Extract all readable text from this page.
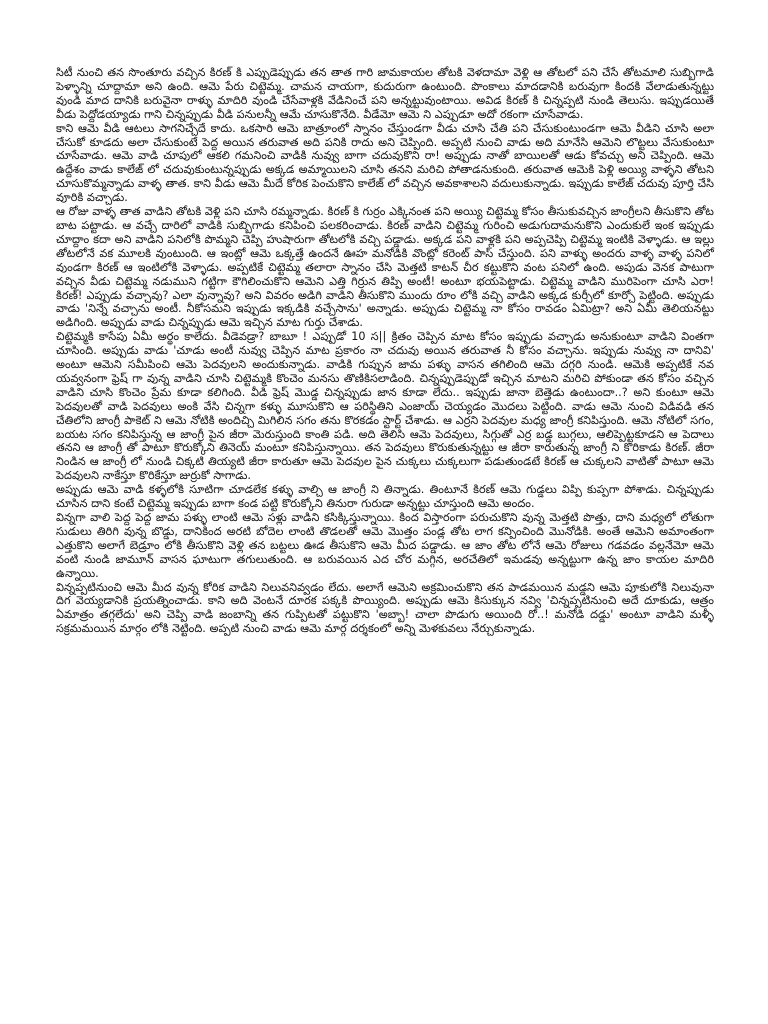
సిటీ నుంచి తన సొంతూరు వచ్చిన కిరణ్ కి ఎప్పుడెప్పుడు తన తాత గారి జామకాయల తోటకి వెళదామా వెళ్లి ఆ తోటలో పని చేసే తోటమాలి సుబ్బిగాడి పెళ్ళాన్ని చూద్దామా అని ఉంది. ఆమె పేరు చిట్టెమ్మ. చామన చాయగా, కుదురుగా ఉంటుంది. పొంకాలు మాదడానికి బరువుగా కిందకి వేలాడుతున్నట్టు వుండి మాద దానికి బరువైనా రాళ్ళు మాదిరి వుండి చేసేవాళ్లకి వేడినించే పని అన్నట్టువుంటాయి. అవిడ కిరణ్ కి చిన్నప్పటి నుండి తెలుసు. ఇప్పుడయితే వీడు పెద్దోడయ్యాడు గాని చిన్నప్పుడు వీడి పనులన్నీ ఆమే చూసుకొనేది. వీడేమో ఆమె ని ఎప్పుడూ అదో రకంగా చూసేవాడు.

కాని ఆమె వీడి ఆటలు సాగనిచ్చేదే కాదు. ఒకసారి ఆమె బాత్రూంలో స్నానం చేస్తుండగా వీడు చూసి చేతి పని చేసుకుంటుండగా ఆమె వీడిని చూసి అలా చేసుకో కూడదు అలా చేసుకుంటే పెద్ద అయిన తరువాత అది పనికి రాదు అని చెప్పింది. అప్పటి నుంచి వాడు అది మానేసి ఆమెని లొట్టలు వేసుకుంటూ చూసేవాడు. ఆమె వాడి చూపులో ఆకలి గమనించి వాడికి నువ్వు బాగా చదువుకొని రా! అప్పుడు నాతో బాయిలతో ఆడు కోవచ్చు అని చెప్పింది. ఆమె ఉద్దేశం వాడు కాలేజ్ లో చదువుకుంటున్నప్పుడు అక్కడ అమ్మాయిలని చూసి తనని మరిచి పోతాడనుకుంది. తరువాత ఆమెకి పెళ్లి అయ్యి వాళ్ళని తోటని చూసుకొమ్మన్నాడు వాళ్ళ తాత. కాని వీడు ఆమె మీదే కోరిక పెంచుకొని కాలేజ్ లో వచ్చిన అవకాశాలని వదులుకున్నాడు. ఇప్పుడు కాలేజ్ చదువు పూర్తి చేసి వూరికి వచ్చాడు.

ఆ రోజు వాళ్ళ తాత వాడిని తోటకి వెళ్లి పని చూసి రమ్మన్నాడు. కిరణ్ కి గుర్రం ఎక్కినంత పని అయ్యి చిట్టెమ్మ కోసం తీసుకువచ్చిన జాంగ్రీలని తీసుకొని తోట బాట పట్టాడు. ఆ వచ్చే దారిలో వాడికి సుబ్బిగాడు కనిపించి పలకరించాడు. కిరణ్ వాడిని చిట్టెమ్మ గురించి అడుగుదామనుకొని ఎందుకులే ఇంక ఇప్పుడు చూద్దాం కదా అని వాడిని పనిలోకి పొమ్మని చెప్పి హుషారుగా తోటలోకి వచ్చి పడ్డాడు. అక్కడ పని వాళ్లకి పని అప్పచెప్పి చిట్టెమ్మ ఇంటికి వెళ్ళాడు. ఆ ఇల్లు తోటలోనే వక మూలకి వుంటుంది. ఆ ఇంట్లో ఆమె ఒక్కత్తే ఉందనే ఊహ మనోడికి వొంట్లో కరెంట్ పాస్ చేస్తుంది. పని వాళ్ళు అందరు వాళ్ళ వాళ్ళ పనిలో వుండగా కిరణ్ ఆ ఇంటిలోకి వెళ్ళాడు. అప్పటికే చిట్టెమ్మ తలారా స్నానం చేసి మెత్తటి కాటన్ చీర కట్టుకొని వంట పనిలో ఉంది. అపుడు వెనక పాటుగా వచ్చిన వీడు చిట్టెమ్మ నడుముని గట్టిగా కౌగిలించుకొని ఆమెని ఎత్తి గిర్రున తిప్పి అంటీ! అంటూ భయపెట్టాడు. చిట్టెమ్మ వాడిని మురిపెంగా చూసి ఎరా! కిరణ్! ఎప్పుడు వచ్చావు? ఎలా వున్నావు? అని వివరం అడిగి వాడిని తీసుకొని ముందు రూం లోకి వచ్చి వాడిని అక్కడ కుర్చీలో కూర్చో పెట్టింది. అప్పుడు వాడు 'నిన్నే వచ్చాను అంటీ. నీకోసమని ఇప్పుడు ఇక్కడికి వచ్చేసాను' అన్నాడు. అప్పుడు చిట్టెమ్మ నా కోసం రావడం ఏమిట్రా? అని ఏమీ తెలియనట్టు అడిగింది. అప్పుడు వాడు చిన్నప్పుడు ఆమె ఇచ్చిన మాట గుర్తు చేశాడు.

చిట్టెమ్మకి కాసేపు ఏమీ అర్థం కాలేదు. వీడెవడ్రా? బాబూ ! ఎప్పుడో 10 స|| క్రితం చెప్పిన మాట కోసం ఇప్పుడు వచ్చాడు అనుకుంటూ వాడిని వింతగా చూసింది. అప్పుడు వాడు 'చూడు అంటీ నువ్వు చెప్పిన మాట ప్రకారం నా చదువు అయిన తరువాత నీ కోసం వచ్చాను. ఇప్పుడు నువ్వు నా దానివి' అంటూ ఆమెని సమీపించి ఆమె పెదవులని అందుకున్నాడు. వాడికి గుప్పున జామ పళ్ళు వాసన తగిలింది ఆమె దగ్గరి నుండి. ఆమెకి అప్పటికే నవ యవ్వనంగా ఫ్రెష్ గా వున్న వాడిని చూసి చిట్టెమ్మకి కొంచెం మనసు తొణికిసలాడింది. చిన్నప్పుడెప్పుడో ఇచ్చిన మాటని మరిచి పోకుండా తన కోసం వచ్చిన వాడిని చూసి కొంచెం ప్రేమ కూడా కలిగింది. వీడి ఫ్రెష్ మొడ్డ చిన్నప్పుడు జాన కూడా లేదు.. ఇప్పుడు జానా బెత్తెడు ఉంటుందా..? అని కుంటూ ఆమె పెదవులతో వాడి పెదవులు అంకి వేసి చిన్నగా కళ్ళు మూసుకొని ఆ పరిస్థితిని ఎంజాయ్ చెయ్యడం మొదలు పెట్టింది. వాడు ఆమె నుంచి విడివడి తన చేతిలోని జాంగ్రీ పాకెట్ ని ఆమె నోటికి అందిచ్చి మిగిలిన సగం తను కొరకడం స్టార్ట్ చేశాడు. ఆ ఎర్రని పెదవుల మధ్య జాంగ్రీ కనిపిస్తుంది. ఆమె నోటిలో సగం, బయట సగం కనిపిస్తున్న ఆ జాంగ్రీ పైన జీరా మెరుస్తుంది కాంతి పడి. అది తెలిసి ఆమె పెదవులు, సిగ్గుతో ఎర్ర బడ్డ బుగ్గలు, ఆలిప్పెట్టకూడని ఆ పెదాలు తనని ఆ జాంగ్రీ తో పాటూ కొరుక్కోని తినెయ్ మంటూ కనిపిస్తున్నాయి. తన పెదవులు కొరుకుతున్నట్టు ఆ జీరా కారుతున్న జాంగ్రీ ని కొరికాడు కిరణ్. జీరా నిండిన ఆ జాంగ్రీ లో నుండి చిక్కటి తియ్యటి జీరా కారుతూ ఆమె పెదవుల పైన చుక్కలు చుక్కలుగా పడుతుండటే కిరణ్ ఆ చుక్కలని వాటితో పాటూ ఆమె పెదవులని నాకేస్తూ కొరికేస్తూ జుర్రుకో సాగాడు.

అప్పుడు ఆమె వాడి కళ్ళలోకి సూటిగా చూడలేక కళ్ళు వాల్చి ఆ జాంగ్రీ ని తిన్నాడు. తింటూనే కిరణ్ ఆమె గుడ్డలు విప్పి కుప్పగా పోశాడు. చిన్నప్పుడు చూసిన దాని కంటే చిట్టెమ్మ ఇప్పుడు బాగా కండ పట్టి కొరుక్కోని తినురా గురుడా అన్నట్టు చూస్తుంది ఆమె అందం.

విన్నగా వాలి పెద్ద పెద్ద జామ పళ్ళు లాంటి ఆమె సళ్లు వాడిని కసిక్కిస్తున్నాయి. కింద విస్తారంగా పరుచుకొని వున్న మెత్తటి పొత్తు, దాని మధ్యలో లోతుగా సుడులు తిరిగి వున్న బొడ్డు, దానికింద అరటి బోదెల లాంటి తొడలతో ఆమె మొత్తం పండ్ల తోట లాగ కన్పించింది మొనోడికి. అంతే ఆమెని అమాంతంగా ఎత్తుకొని అలాగే బెడ్రూం లోకి తీసుకొని వెళ్లి తన బట్టలు ఊడ తీసుకొని ఆమె మీద పడ్డాడు. ఆ జాం తోట లోనే ఆమె రోజులు గడవడం వల్లనేమో ఆమె వంటి నుండి జామూన్ వాసన ఘాటుగా తగులుతుంది. ఆ బరువయిన ఎద చోర మగ్గిన, అరచేతిలో ఇమడవు అన్నట్టుగా ఉన్న జాం కాయల మాదిరి ఉన్నాయి.

విన్నప్పటినుంచి ఆమె మీద వున్న కోరిక వాడిని నిలువనివ్వడం లేదు. అలాగే ఆమెని అక్రమించుకొని తన పాడమయిన మడ్డని ఆమె పూకులోకి నిలువునా దిగ వెయ్యడానికి ప్రయత్నించాడు. కాని అది వెంటనే దూరక పక్కకి పొయ్యింది. అప్పుడు ఆమె కిసుక్కున నవ్వి 'చిన్నప్పటినుంచి అదే దూకుడు, ఆత్రం ఏమాత్రం తగ్గలేదు' అని చెప్పి వాడి జంబాన్ని తన గుప్పిటతో పట్టుకొని 'అబ్బా! చాలా పొడుగు అయింది రో..! మనోడి దడ్డు' అంటూ వాడిని మళ్ళీ సక్రమమయిన మార్గం లోకి నెట్టింది. అప్పటి నుంచి వాడు ఆమె మార్గ దర్శకంలో అన్ని మెళకువలు నేర్చుకున్నాడు.
